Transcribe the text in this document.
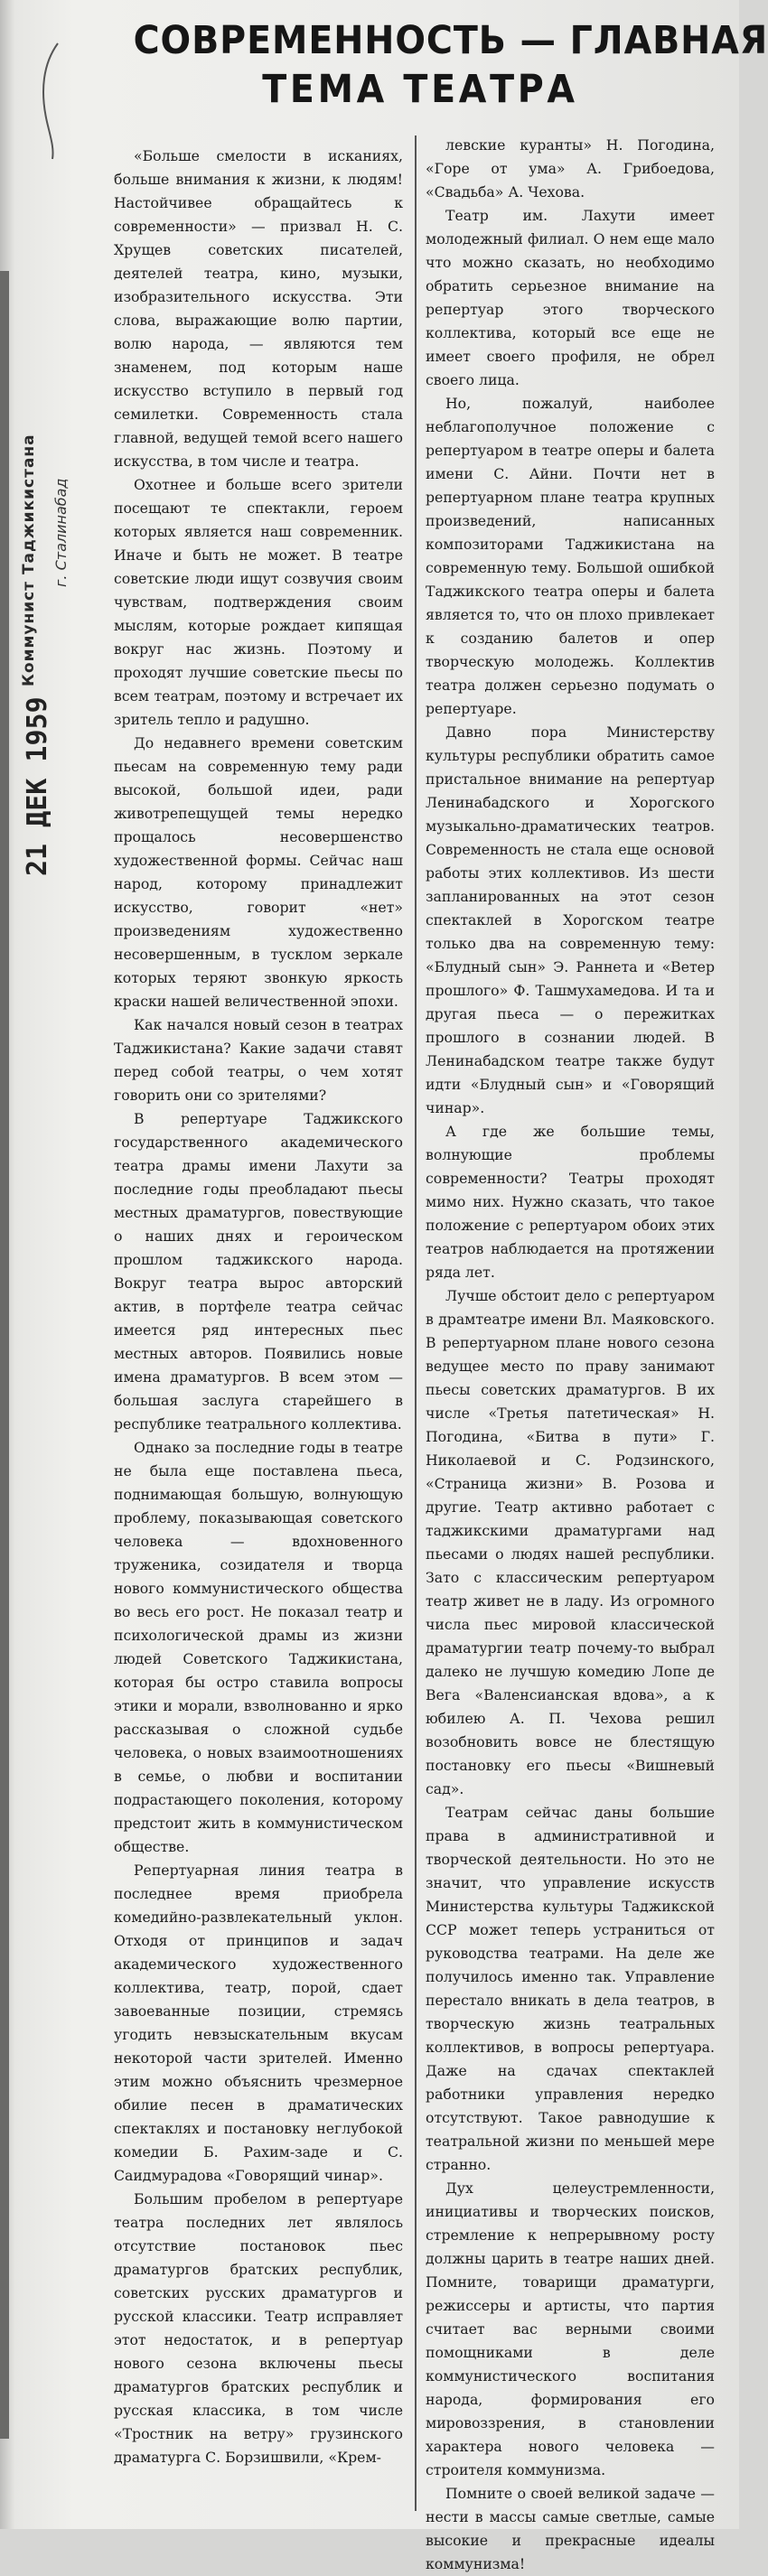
Коммунист Таджикистана	г. Сталинабад
21 ДЕК 1959
СОВРЕМЕННОСТЬ — ГЛАВНАЯ
ТЕМА ТЕАТРА

«Больше смелости в исканиях, больше внимания к жизни, к людям! Настойчивее обращайтесь к современности» — призвал Н. С. Хрущев советских писателей, деятелей театра, кино, музыки, изобразительного искусства. Эти слова, выражающие волю партии, волю народа, — являются тем знаменем, под которым наше искусство вступило в первый год семилетки. Современность стала главной, ведущей темой всего нашего искусства, в том числе и театра.

Охотнее и больше всего зрители посещают те спектакли, героем которых является наш современник. Иначе и быть не может. В театре советские люди ищут созвучия своим чувствам, подтверждения своим мыслям, которые рождает кипящая вокруг нас жизнь. Поэтому и проходят лучшие советские пьесы по всем театрам, поэтому и встречает их зритель тепло и радушно.

До недавнего времени советским пьесам на современную тему ради высокой, большой идеи, ради животрепещущей темы нередко прощалось несовершенство художественной формы. Сейчас наш народ, которому принадлежит искусство, говорит «нет» произведениям художественно несовершенным, в тусклом зеркале которых теряют звонкую яркость краски нашей величественной эпохи.

Как начался новый сезон в театрах Таджикистана? Какие задачи ставят перед собой театры, о чем хотят говорить они со зрителями?

В репертуаре Таджикского государственного академического театра драмы имени Лахути за последние годы преобладают пьесы местных драматургов, повествующие о наших днях и героическом прошлом таджикского народа. Вокруг театра вырос авторский актив, в портфеле театра сейчас имеется ряд интересных пьес местных авторов. Появились новые имена драматургов. В всем этом — большая заслуга старейшего в республике театрального коллектива.

Однако за последние годы в театре не была еще поставлена пьеса, поднимающая большую, волнующую проблему, показывающая советского человека — вдохновенного труженика, созидателя и творца нового коммунистического общества во весь его рост. Не показал театр и психологической драмы из жизни людей Советского Таджикистана, которая бы остро ставила вопросы этики и морали, взволнованно и ярко рассказывая о сложной судьбе человека, о новых взаимоотношениях в семье, о любви и воспитании подрастающего поколения, которому предстоит жить в коммунистическом обществе.

Репертуарная линия театра в последнее время приобрела комедийно-развлекательный уклон. Отходя от принципов и задач академического художественного коллектива, театр, порой, сдает завоеванные позиции, стремясь угодить невзыскательным вкусам некоторой части зрителей. Именно этим можно объяснить чрезмерное обилие песен в драматических спектаклях и постановку неглубокой комедии Б. Рахим-заде и С. Саидмурадова «Говорящий чинар».

Большим пробелом в репертуаре театра последних лет являлось отсутствие постановок пьес драматургов братских республик, советских русских драматургов и русской классики. Театр исправляет этот недостаток, и в репертуар нового сезона включены пьесы драматургов братских республик и русская классика, в том числе «Тростник на ветру» грузинского драматурга С. Борзишвили, «Крем-

левские куранты» Н. Погодина, «Горе от ума» А. Грибоедова, «Свадьба» А. Чехова.

Театр им. Лахути имеет молодежный филиал. О нем еще мало что можно сказать, но необходимо обратить серьезное внимание на репертуар этого творческого коллектива, который все еще не имеет своего профиля, не обрел своего лица.

Но, пожалуй, наиболее неблагополучное положение с репертуаром в театре оперы и балета имени С. Айни. Почти нет в репертуарном плане театра крупных произведений, написанных композиторами Таджикистана на современную тему. Большой ошибкой Таджикского театра оперы и балета является то, что он плохо привлекает к созданию балетов и опер творческую молодежь. Коллектив театра должен серьезно подумать о репертуаре.

Давно пора Министерству культуры республики обратить самое пристальное внимание на репертуар Ленинабадского и Хорогского музыкально-драматических театров. Современность не стала еще основой работы этих коллективов. Из шести запланированных на этот сезон спектаклей в Хорогском театре только два на современную тему: «Блудный сын» Э. Раннета и «Ветер прошлого» Ф. Ташмухамедова. И та и другая пьеса — о пережитках прошлого в сознании людей. В Ленинабадском театре также будут идти «Блудный сын» и «Говорящий чинар».

А где же большие темы, волнующие проблемы современности? Театры проходят мимо них. Нужно сказать, что такое положение с репертуаром обоих этих театров наблюдается на протяжении ряда лет.

Лучше обстоит дело с репертуаром в драмтеатре имени Вл. Маяковского. В репертуарном плане нового сезона ведущее место по праву занимают пьесы советских драматургов. В их числе «Третья патетическая» Н. Погодина, «Битва в пути» Г. Николаевой и С. Родзинского, «Страница жизни» В. Розова и другие. Театр активно работает с таджикскими драматургами над пьесами о людях нашей республики. Зато с классическим репертуаром театр живет не в ладу. Из огромного числа пьес мировой классической драматургии театр почему-то выбрал далеко не лучшую комедию Лопе де Вега «Валенсианская вдова», а к юбилею А. П. Чехова решил возобновить вовсе не блестящую постановку его пьесы «Вишневый сад».

Театрам сейчас даны большие права в административной и творческой деятельности. Но это не значит, что управление искусств Министерства культуры Таджикской ССР может теперь устраниться от руководства театрами. На деле же получилось именно так. Управление перестало вникать в дела театров, в творческую жизнь театральных коллективов, в вопросы репертуара. Даже на сдачах спектаклей работники управления нередко отсутствуют. Такое равнодушие к театральной жизни по меньшей мере странно.

Дух целеустремленности, инициативы и творческих поисков, стремление к непрерывному росту должны царить в театре наших дней. Помните, товарищи драматурги, режиссеры и артисты, что партия считает вас верными своими помощниками в деле коммунистического воспитания народа, формирования его мировоззрения, в становлении характера нового человека — строителя коммунизма.

Помните о своей великой задаче — нести в массы самые светлые, самые высокие и прекрасные идеалы коммунизма!
